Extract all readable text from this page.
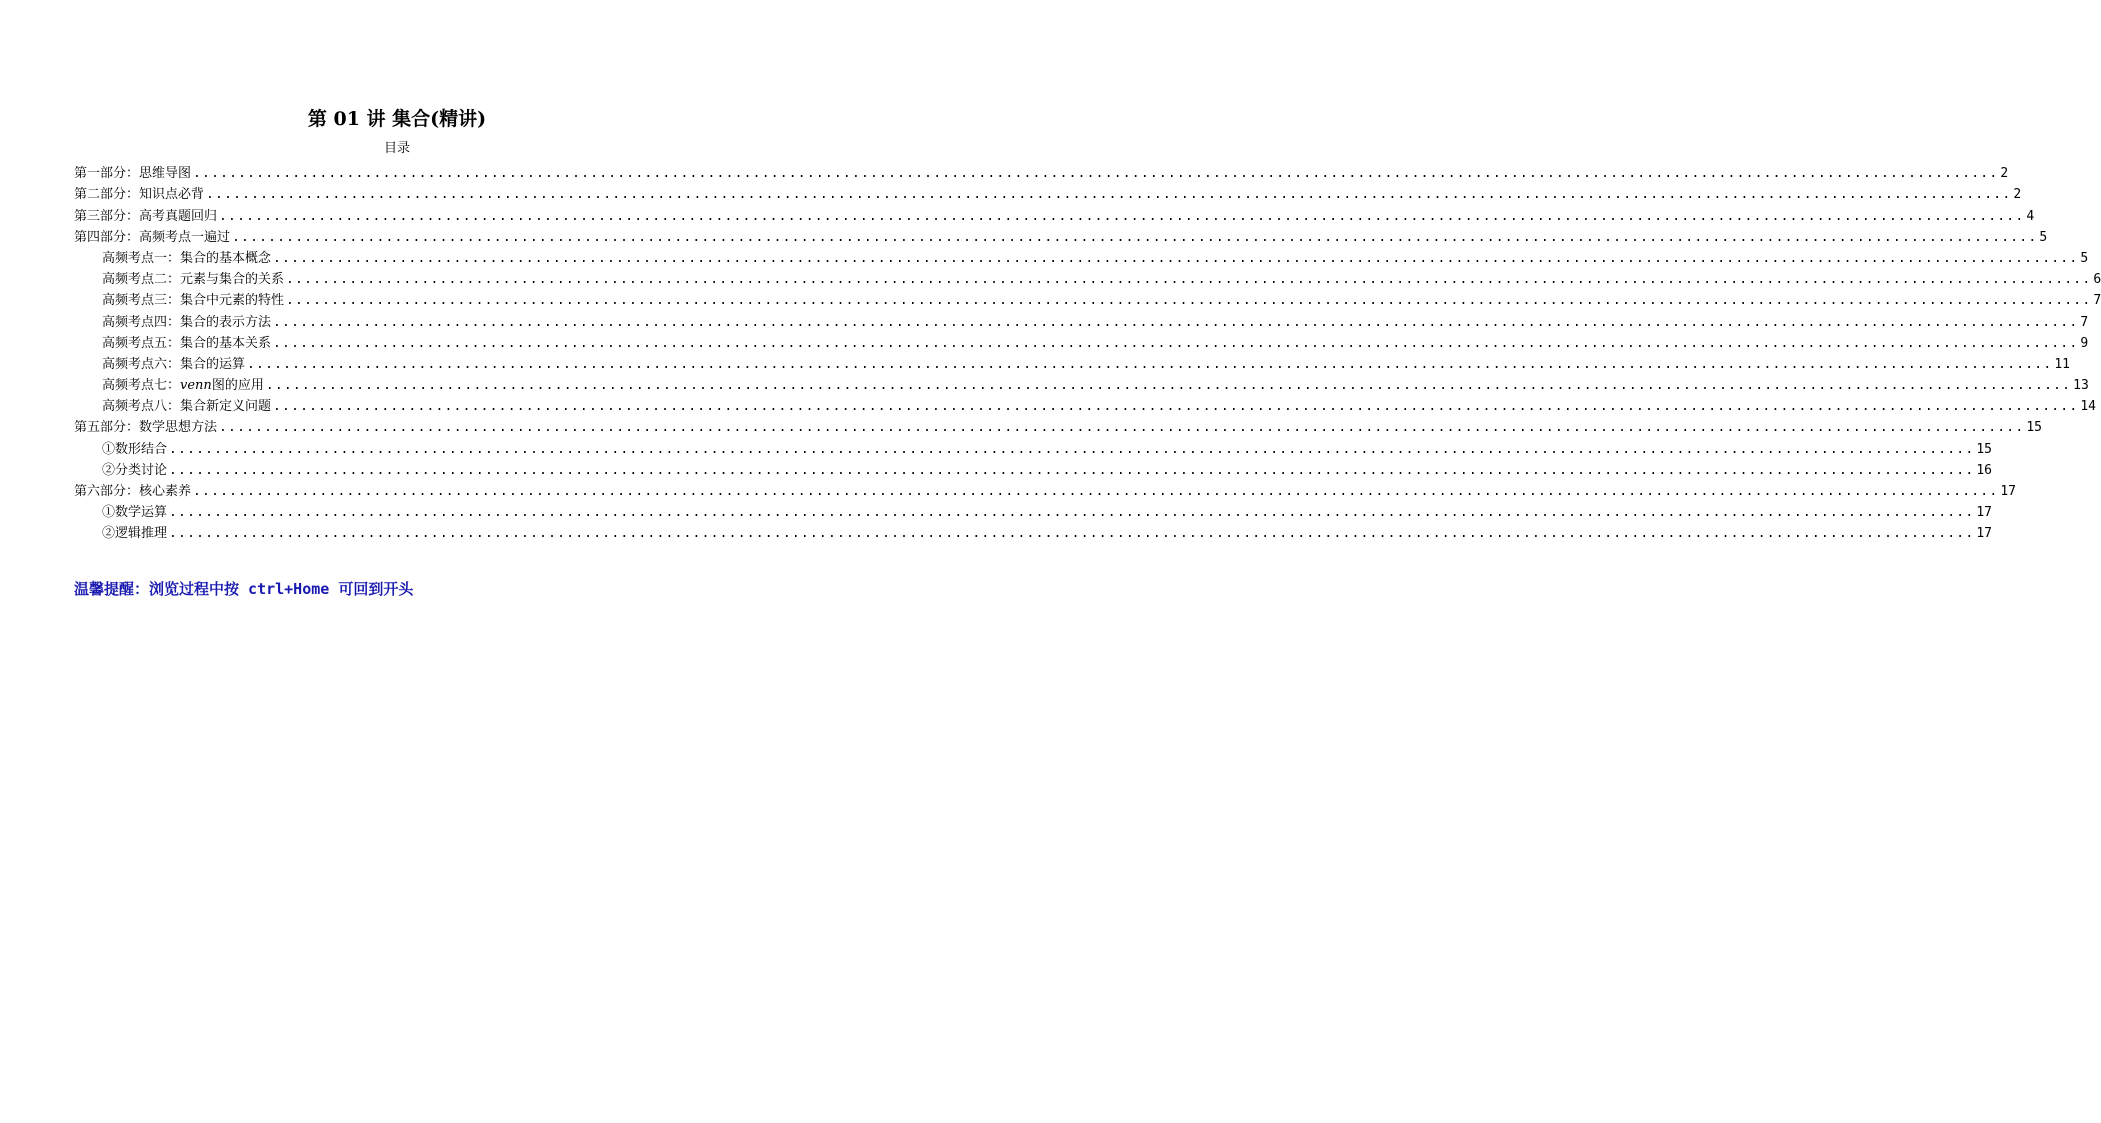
第 01 讲 集合(精讲)
目录
第一部分：思维导图 ........................................................................................................................................................................................................ 2
第二部分：知识点必背 ........................................................................................................................................................................................................ 2
第三部分：高考真题回归 ........................................................................................................................................................................................................ 4
第四部分：高频考点一遍过 ........................................................................................................................................................................................................ 5
高频考点一：集合的基本概念 ........................................................................................................................................................................................................ 5
高频考点二：元素与集合的关系 ........................................................................................................................................................................................................ 6
高频考点三：集合中元素的特性 ........................................................................................................................................................................................................ 7
高频考点四：集合的表示方法 ........................................................................................................................................................................................................ 7
高频考点五：集合的基本关系 ........................................................................................................................................................................................................ 9
高频考点六：集合的运算 ........................................................................................................................................................................................................ 11
高频考点七：venn图的应用 ........................................................................................................................................................................................................ 13
高频考点八：集合新定义问题 ........................................................................................................................................................................................................ 14
第五部分：数学思想方法 ........................................................................................................................................................................................................ 15
①数形结合 ........................................................................................................................................................................................................ 15
②分类讨论 ........................................................................................................................................................................................................ 16
第六部分：核心素养 ........................................................................................................................................................................................................ 17
①数学运算 ........................................................................................................................................................................................................ 17
②逻辑推理 ........................................................................................................................................................................................................ 17
温馨提醒：浏览过程中按 ctrl+Home 可回到开头
